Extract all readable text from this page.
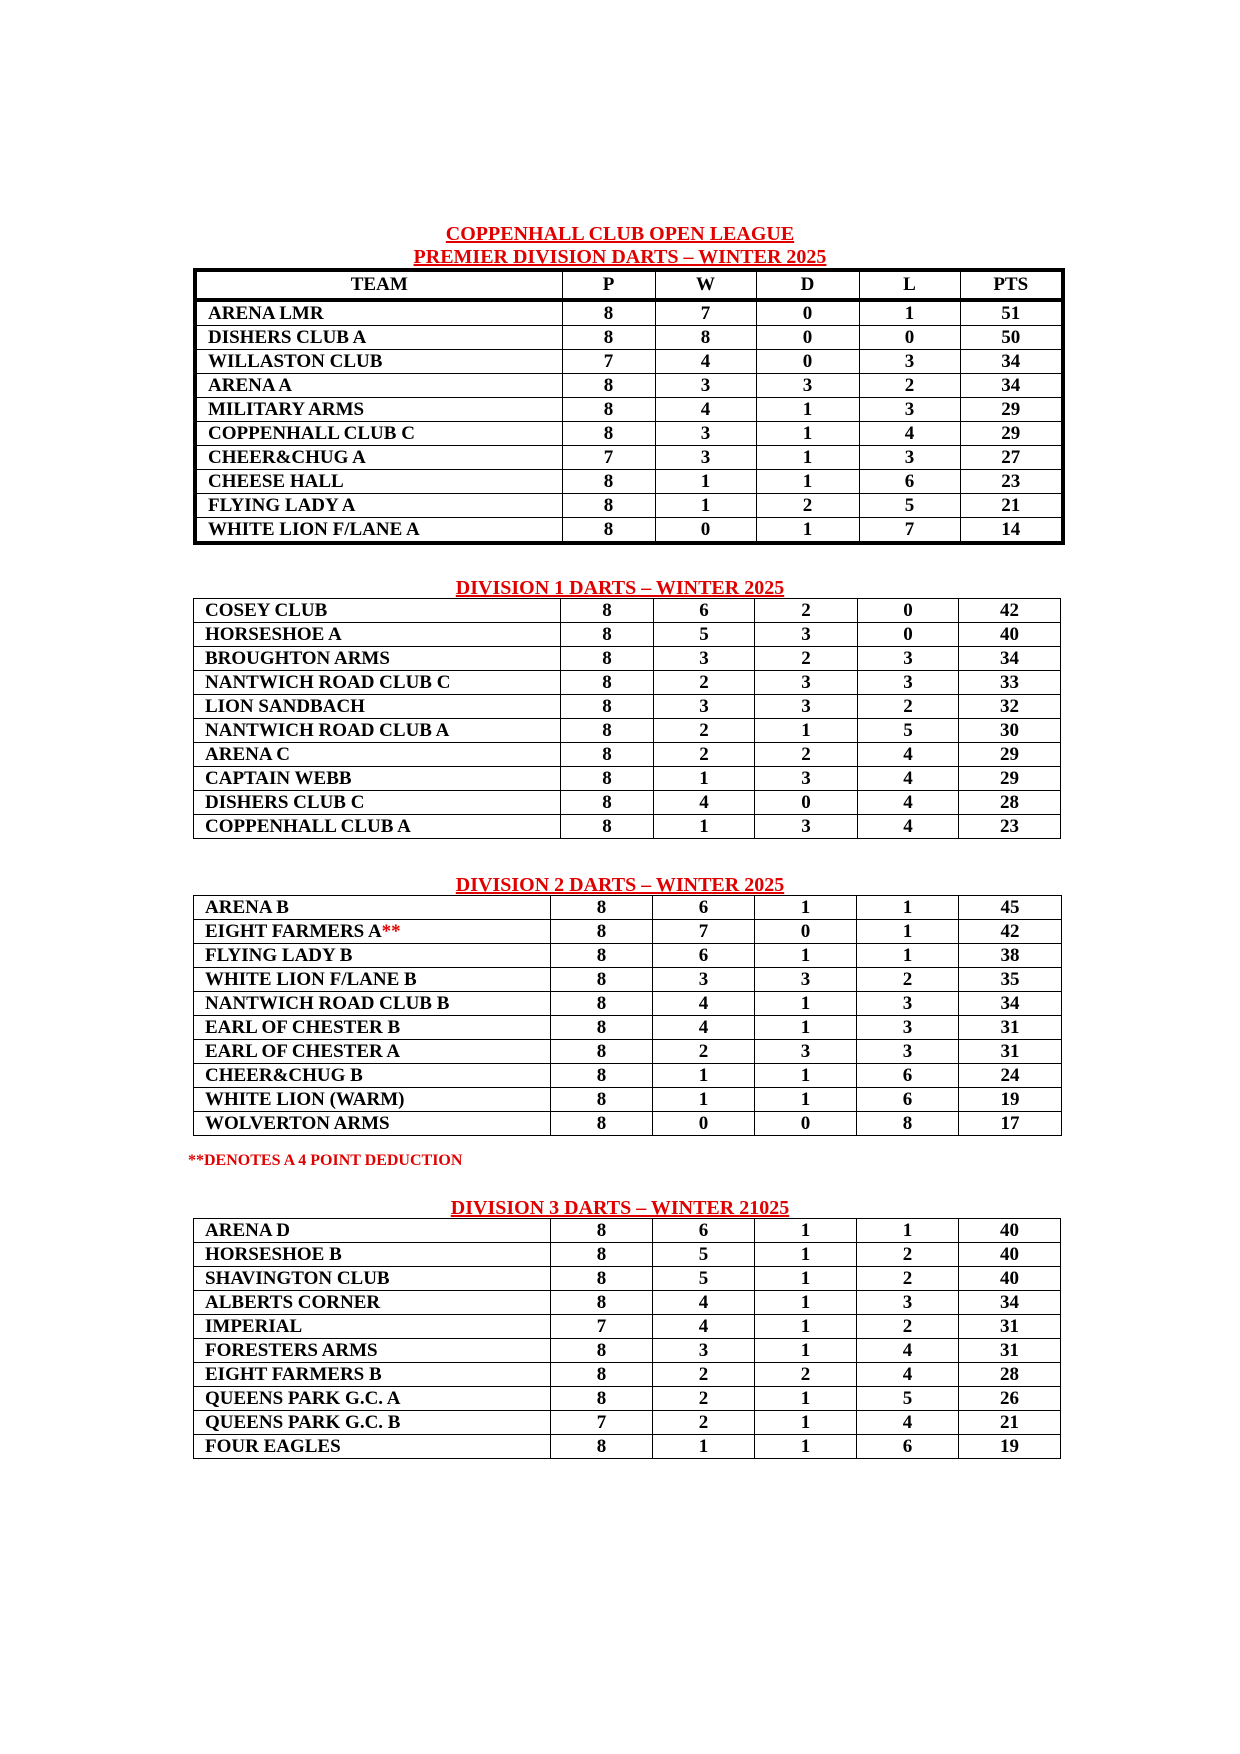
COPPENHALL CLUB OPEN LEAGUE
PREMIER DIVISION DARTS – WINTER 2025
TEAM	P	W	D	L	PTS
ARENA LMR	8	7	0	1	51
DISHERS CLUB A	8	8	0	0	50
WILLASTON CLUB	7	4	0	3	34
ARENA A	8	3	3	2	34
MILITARY ARMS	8	4	1	3	29
COPPENHALL CLUB C	8	3	1	4	29
CHEER&CHUG A	7	3	1	3	27
CHEESE HALL	8	1	1	6	23
FLYING LADY A	8	1	2	5	21
WHITE LION F/LANE A	8	0	1	7	14
DIVISION 1 DARTS – WINTER 2025
COSEY CLUB	8	6	2	0	42
HORSESHOE A	8	5	3	0	40
BROUGHTON ARMS	8	3	2	3	34
NANTWICH ROAD CLUB C	8	2	3	3	33
LION SANDBACH	8	3	3	2	32
NANTWICH ROAD CLUB A	8	2	1	5	30
ARENA C	8	2	2	4	29
CAPTAIN WEBB	8	1	3	4	29
DISHERS CLUB C	8	4	0	4	28
COPPENHALL CLUB A	8	1	3	4	23
DIVISION 2 DARTS – WINTER 2025
ARENA B	8	6	1	1	45
EIGHT FARMERS A**	8	7	0	1	42
FLYING LADY B	8	6	1	1	38
WHITE LION F/LANE B	8	3	3	2	35
NANTWICH ROAD CLUB B	8	4	1	3	34
EARL OF CHESTER B	8	4	1	3	31
EARL OF CHESTER A	8	2	3	3	31
CHEER&CHUG B	8	1	1	6	24
WHITE LION (WARM)	8	1	1	6	19
WOLVERTON ARMS	8	0	0	8	17

**DENOTES A 4 POINT DEDUCTION

DIVISION 3 DARTS – WINTER 21025
ARENA D	8	6	1	1	40
HORSESHOE B	8	5	1	2	40
SHAVINGTON CLUB	8	5	1	2	40
ALBERTS CORNER	8	4	1	3	34
IMPERIAL	7	4	1	2	31
FORESTERS ARMS	8	3	1	4	31
EIGHT FARMERS B	8	2	2	4	28
QUEENS PARK G.C. A	8	2	1	5	26
QUEENS PARK G.C. B	7	2	1	4	21
FOUR EAGLES	8	1	1	6	19
